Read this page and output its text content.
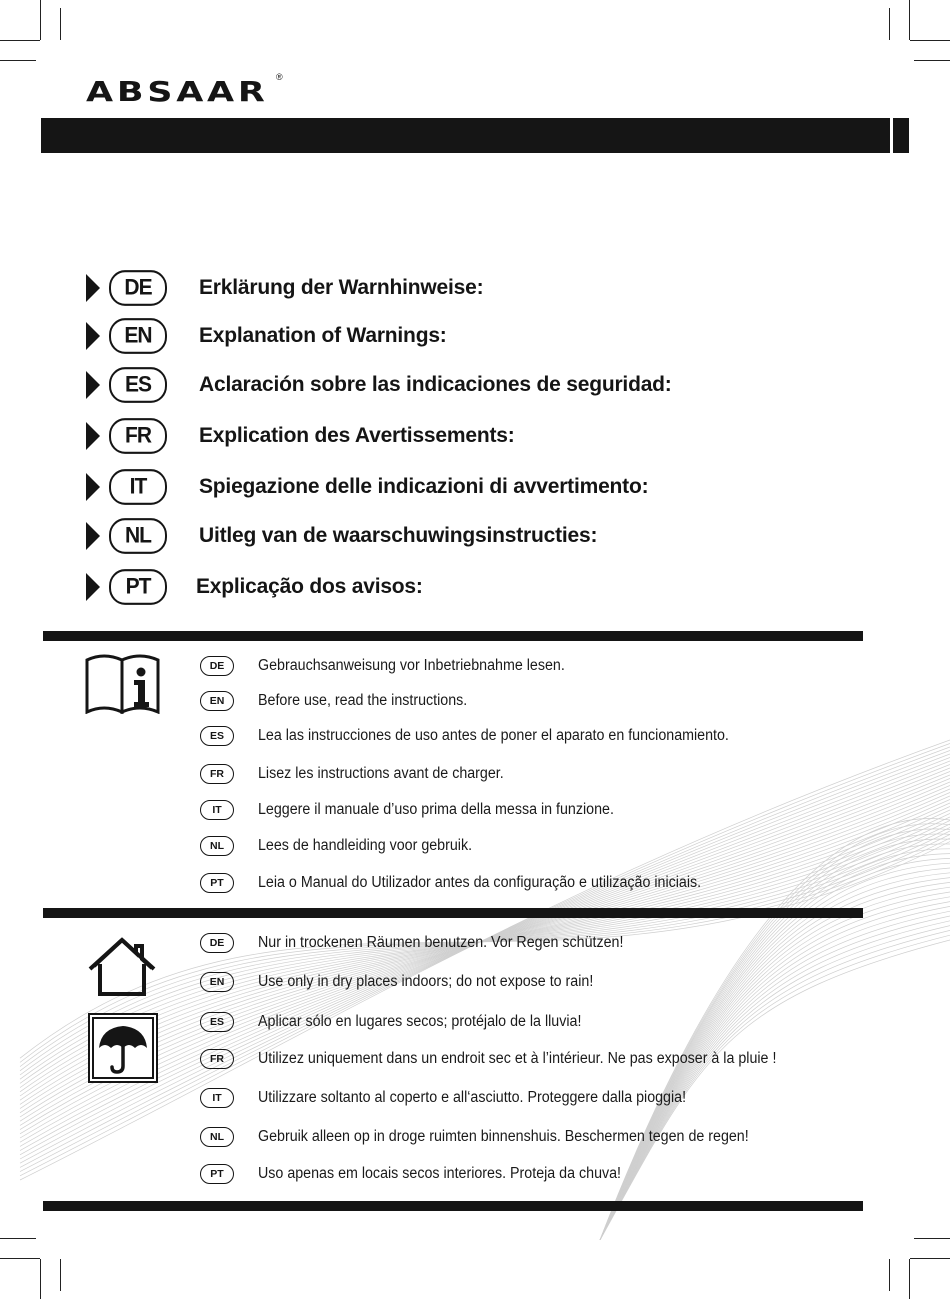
ABSAAR ®
DE	Erklärung der Warnhinweise:
EN	Explanation of Warnings:
ES	Aclaración sobre las indicaciones de seguridad:
FR	Explication des Avertissements:
IT	Spiegazione delle indicazioni di avvertimento:
NL	Uitleg van de waarschuwingsinstructies:
PT	Explicação dos avisos:
DE	Gebrauchsanweisung vor Inbetriebnahme lesen.
EN	Before use, read the instructions.
ES	Lea las instrucciones de uso antes de poner el aparato en funcionamiento.
FR	Lisez les instructions avant de charger.
IT	Leggere il manuale d’uso prima della messa in funzione.
NL	Lees de handleiding voor gebruik.
PT	Leia o Manual do Utilizador antes da configuração e utilização iniciais.
DE	Nur in trockenen Räumen benutzen. Vor Regen schützen!
EN	Use only in dry places indoors; do not expose to rain!
ES	Aplicar sólo en lugares secos; protéjalo de la lluvia!
FR	Utilizez uniquement dans un endroit sec et à l’intérieur. Ne pas exposer à la pluie !
IT	Utilizzare soltanto al coperto e all‘asciutto. Proteggere dalla pioggia!
NL	Gebruik alleen op in droge ruimten binnenshuis. Beschermen tegen de regen!
PT	Uso apenas em locais secos interiores. Proteja da chuva!
